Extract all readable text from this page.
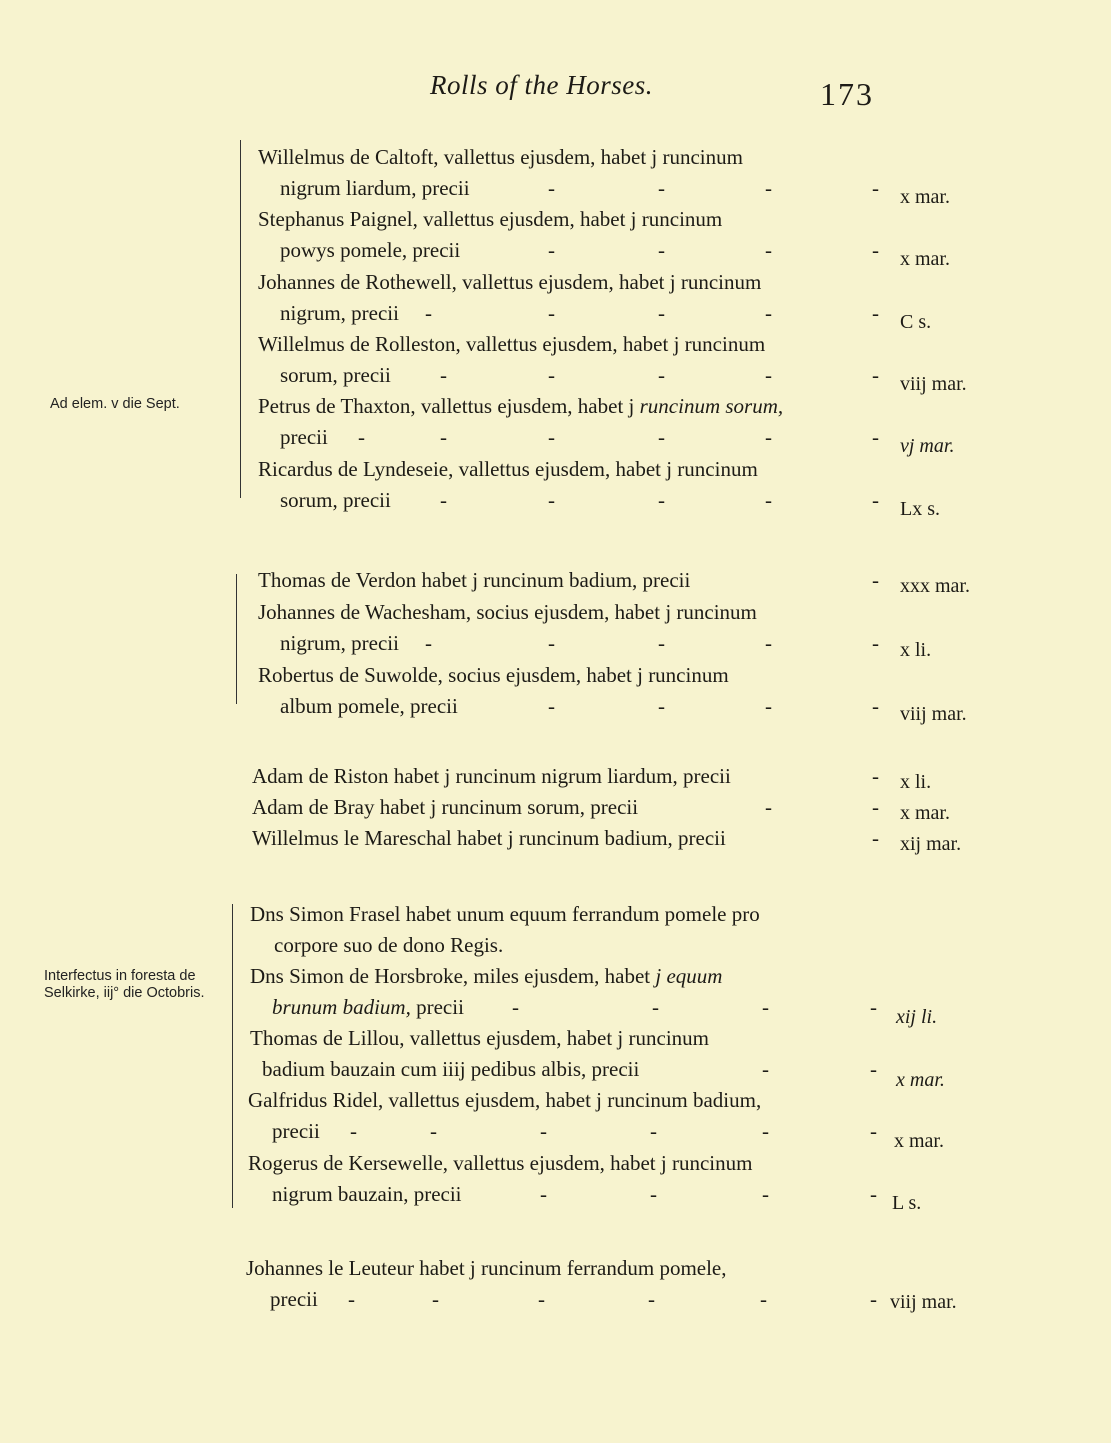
Rolls of the Horses.	173
Ad elem. v die Sept.
Interfectus in foresta de Selkirke, iij° die Octobris.
Willelmus de Caltoft, vallettus ejusdem, habet j runcinum
nigrum liardum, precii	-	-	-	- x mar.
Stephanus Paignel, vallettus ejusdem, habet j runcinum
powys pomele, precii	-	-	-	- x mar.
Johannes de Rothewell, vallettus ejusdem, habet j runcinum
nigrum, precii -	-	-	-	- C s.
Willelmus de Rolleston, vallettus ejusdem, habet j runcinum
sorum, precii -	-	-	-	- viij mar.
Petrus de Thaxton, vallettus ejusdem, habet j runcinum sorum,
precii -	-	-	-	-	- vj mar.
Ricardus de Lyndeseie, vallettus ejusdem, habet j runcinum
sorum, precii -	-	-	-	- Lx s.
Thomas de Verdon habet j runcinum badium, precii	- xxx mar.
Johannes de Wachesham, socius ejusdem, habet j runcinum
nigrum, precii -	-	-	-	- x li.
Robertus de Suwolde, socius ejusdem, habet j runcinum
album pomele, precii	-	-	-	- viij mar.
Adam de Riston habet j runcinum nigrum liardum, precii	- x li.
Adam de Bray habet j runcinum sorum, precii	-	- x mar.
Willelmus le Mareschal habet j runcinum badium, precii	- xij mar.
Dns Simon Frasel habet unum equum ferrandum pomele pro
corpore suo de dono Regis.
Dns Simon de Horsbroke, miles ejusdem, habet j equum
brunum badium, precii -	-	-	- xij li.
Thomas de Lillou, vallettus ejusdem, habet j runcinum
badium bauzain cum iiij pedibus albis, precii	-	- x mar.
Galfridus Ridel, vallettus ejusdem, habet j runcinum badium,
precii -	-	-	-	-	- x mar.
Rogerus de Kersewelle, vallettus ejusdem, habet j runcinum
nigrum bauzain, precii	-	-	-	- L s.
Johannes le Leuteur habet j runcinum ferrandum pomele,
precii -	-	-	-	-	- viij mar.
